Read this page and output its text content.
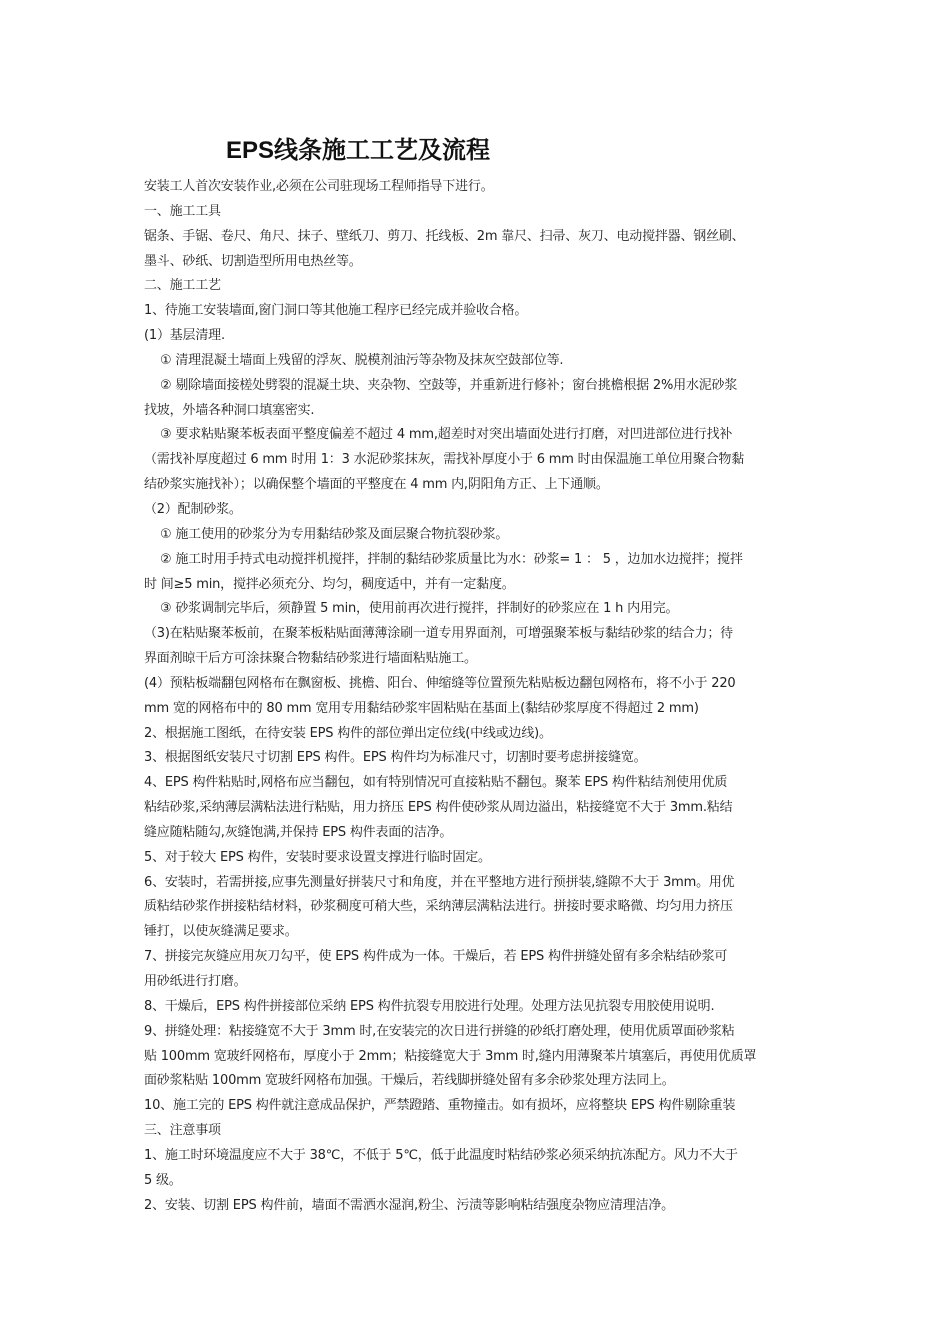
EPS线条施工工艺及流程
安装工人首次安装作业,必须在公司驻现场工程师指导下进行。
一、施工工具
锯条、手锯、卷尺、角尺、抹子、壁纸刀、剪刀、托线板、2m 靠尺、扫帚、灰刀、电动搅拌器、钢丝刷、
墨斗、砂纸、切割造型所用电热丝等。
二、施工工艺
1、待施工安装墙面,窗门洞口等其他施工程序已经完成并验收合格。
(1）基层清理.
① 清理混凝土墙面上残留的浮灰、脱模剂油污等杂物及抹灰空鼓部位等.
② 剔除墙面接槎处劈裂的混凝土块、夹杂物、空鼓等，并重新进行修补；窗台挑檐根据 2%用水泥砂浆
找坡，外墙各种洞口填塞密实.
③ 要求粘贴聚苯板表面平整度偏差不超过 4 mm,超差时对突出墙面处进行打磨，对凹进部位进行找补
（需找补厚度超过 6 mm 时用 1：3 水泥砂浆抹灰，需找补厚度小于 6 mm 时由保温施工单位用聚合物黏
结砂浆实施找补）；以确保整个墙面的平整度在 4 mm 内,阴阳角方正、上下通顺。
（2）配制砂浆。
① 施工使用的砂浆分为专用黏结砂浆及面层聚合物抗裂砂浆。
② 施工时用手持式电动搅拌机搅拌，拌制的黏结砂浆质量比为水：砂浆= 1 ： 5 ，边加水边搅拌；搅拌
时 间≥5 min，搅拌必须充分、均匀，稠度适中，并有一定黏度。
③ 砂浆调制完毕后，须静置 5 min，使用前再次进行搅拌，拌制好的砂浆应在 1 h 内用完。
（3)在粘贴聚苯板前，在聚苯板粘贴面薄薄涂刷一道专用界面剂，可增强聚苯板与黏结砂浆的结合力；待
界面剂晾干后方可涂抹聚合物黏结砂浆进行墙面粘贴施工。
(4）预粘板端翻包网格布在飘窗板、挑檐、阳台、伸缩缝等位置预先粘贴板边翻包网格布，将不小于 220
mm 宽的网格布中的 80 mm 宽用专用黏结砂浆牢固粘贴在基面上(黏结砂浆厚度不得超过 2 mm)
2、根据施工图纸，在待安装 EPS 构件的部位弹出定位线(中线或边线)。
3、根据图纸安装尺寸切割 EPS 构件。EPS 构件均为标准尺寸，切割时要考虑拼接缝宽。
4、EPS 构件粘贴时,网格布应当翻包，如有特别情况可直接粘贴不翻包。聚苯 EPS 构件粘结剂使用优质
粘结砂浆,采纳薄层满粘法进行粘贴，用力挤压 EPS 构件使砂浆从周边溢出，粘接缝宽不大于 3mm.粘结
缝应随粘随勾,灰缝饱满,并保持 EPS 构件表面的洁净。
5、对于较大 EPS 构件，安装时要求设置支撑进行临时固定。
6、安装时，若需拼接,应事先测量好拼装尺寸和角度，并在平整地方进行预拼装,缝隙不大于 3mm。用优
质粘结砂浆作拼接粘结材料，砂浆稠度可稍大些，采纳薄层满粘法进行。拼接时要求略微、均匀用力挤压
锤打，以使灰缝满足要求。
7、拼接完灰缝应用灰刀勾平，使 EPS 构件成为一体。干燥后，若 EPS 构件拼缝处留有多余粘结砂浆可
用砂纸进行打磨。
8、干燥后，EPS 构件拼接部位采纳 EPS 构件抗裂专用胶进行处理。处理方法见抗裂专用胶使用说明.
9、拼缝处理：粘接缝宽不大于 3mm 时,在安装完的次日进行拼缝的砂纸打磨处理，使用优质罩面砂浆粘
贴 100mm 宽玻纤网格布，厚度小于 2mm；粘接缝宽大于 3mm 时,缝内用薄聚苯片填塞后，再使用优质罩
面砂浆粘贴 100mm 宽玻纤网格布加强。干燥后，若线脚拼缝处留有多余砂浆处理方法同上。
10、施工完的 EPS 构件就注意成品保护，严禁蹬踏、重物撞击。如有损坏，应将整块 EPS 构件剔除重装
三、注意事项
1、施工时环境温度应不大于 38℃，不低于 5℃，低于此温度时粘结砂浆必须采纳抗冻配方。风力不大于
5 级。
2、安装、切割 EPS 构件前，墙面不需洒水湿润,粉尘、污渍等影响粘结强度杂物应清理洁净。
